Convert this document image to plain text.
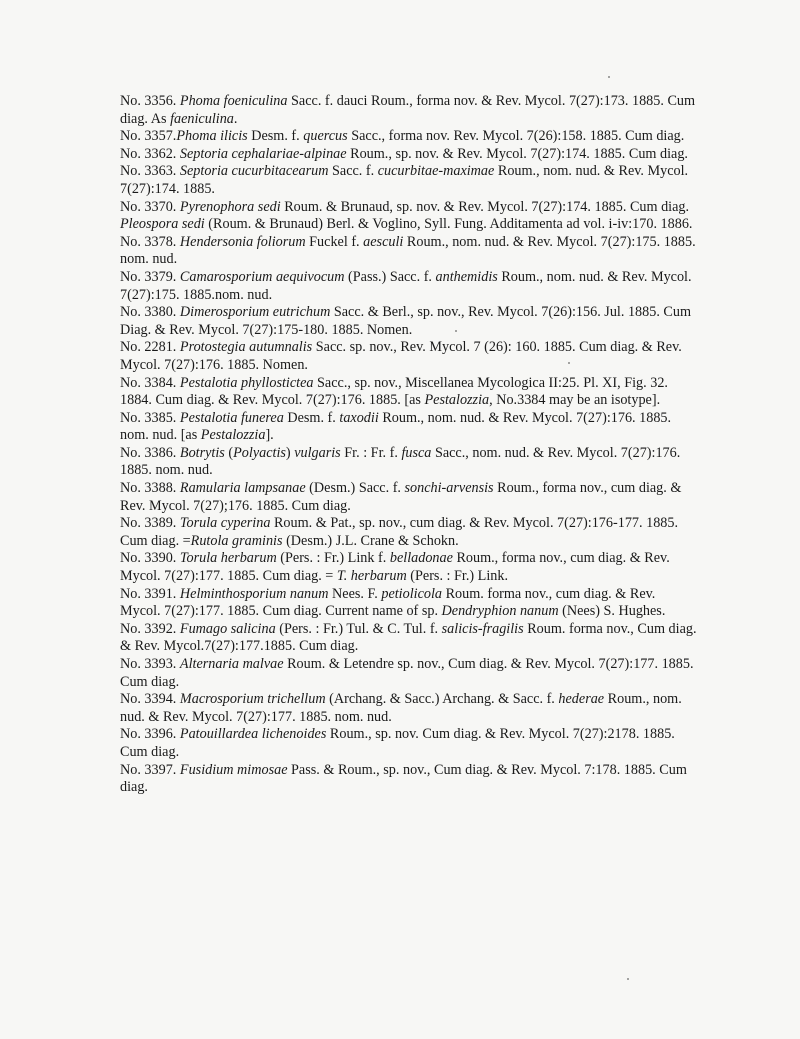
No. 3356. Phoma foeniculina Sacc. f. dauci Roum., forma nov. & Rev. Mycol. 7(27):173. 1885. Cum diag. As faeniculina.

No. 3357.Phoma ilicis Desm. f. quercus Sacc., forma nov. Rev. Mycol. 7(26):158. 1885. Cum diag.

No. 3362. Septoria cephalariae-alpinae Roum., sp. nov. & Rev. Mycol. 7(27):174. 1885. Cum diag.

No. 3363. Septoria cucurbitacearum Sacc. f. cucurbitae-maximae Roum., nom. nud. & Rev. Mycol. 7(27):174. 1885.

No. 3370. Pyrenophora sedi Roum. & Brunaud, sp. nov. & Rev. Mycol. 7(27):174. 1885. Cum diag. Pleospora sedi (Roum. & Brunaud) Berl. & Voglino, Syll. Fung. Additamenta ad vol. i-iv:170. 1886.

No. 3378. Hendersonia foliorum Fuckel f. aesculi Roum., nom. nud. & Rev. Mycol. 7(27):175. 1885. nom. nud.

No. 3379. Camarosporium aequivocum (Pass.) Sacc. f. anthemidis Roum., nom. nud. & Rev. Mycol. 7(27):175. 1885.nom. nud.

No. 3380. Dimerosporium eutrichum Sacc. & Berl., sp. nov., Rev. Mycol. 7(26):156. Jul. 1885. Cum Diag. & Rev. Mycol. 7(27):175-180. 1885. Nomen.

No. 2281. Protostegia autumnalis Sacc. sp. nov., Rev. Mycol. 7 (26): 160. 1885. Cum diag. & Rev. Mycol. 7(27):176. 1885. Nomen.

No. 3384. Pestalotia phyllostictea Sacc., sp. nov., Miscellanea Mycologica II:25. Pl. XI, Fig. 32. 1884. Cum diag. & Rev. Mycol. 7(27):176. 1885. [as Pestalozzia, No.3384 may be an isotype].

No. 3385. Pestalotia funerea Desm. f. taxodii Roum., nom. nud. & Rev. Mycol. 7(27):176. 1885. nom. nud. [as Pestalozzia].

No. 3386. Botrytis (Polyactis) vulgaris Fr. : Fr. f. fusca Sacc., nom. nud. & Rev. Mycol. 7(27):176. 1885. nom. nud.

No. 3388. Ramularia lampsanae (Desm.) Sacc. f. sonchi-arvensis Roum., forma nov., cum diag. & Rev. Mycol. 7(27);176. 1885. Cum diag.

No. 3389. Torula cyperina Roum. & Pat., sp. nov., cum diag. & Rev. Mycol. 7(27):176-177. 1885. Cum diag. =Rutola graminis (Desm.) J.L. Crane & Schokn.

No. 3390. Torula herbarum (Pers. : Fr.) Link f. belladonae Roum., forma nov., cum diag. & Rev. Mycol. 7(27):177. 1885. Cum diag. = T. herbarum (Pers. : Fr.) Link.

No. 3391. Helminthosporium nanum Nees. F. petiolicola Roum. forma nov., cum diag. & Rev. Mycol. 7(27):177. 1885. Cum diag. Current name of sp. Dendryphion nanum (Nees) S. Hughes.

No. 3392. Fumago salicina (Pers. : Fr.) Tul. & C. Tul. f. salicis-fragilis Roum. forma nov., Cum diag. & Rev. Mycol.7(27):177.1885. Cum diag.

No. 3393. Alternaria malvae Roum. & Letendre sp. nov., Cum diag. & Rev. Mycol. 7(27):177. 1885. Cum diag.

No. 3394. Macrosporium trichellum (Archang. & Sacc.) Archang. & Sacc. f. hederae Roum., nom. nud. & Rev. Mycol. 7(27):177. 1885. nom. nud.

No. 3396. Patouillardea lichenoides Roum., sp. nov. Cum diag. & Rev. Mycol. 7(27):2178. 1885. Cum diag.

No. 3397. Fusidium mimosae Pass. & Roum., sp. nov., Cum diag. & Rev. Mycol. 7:178. 1885. Cum diag.
